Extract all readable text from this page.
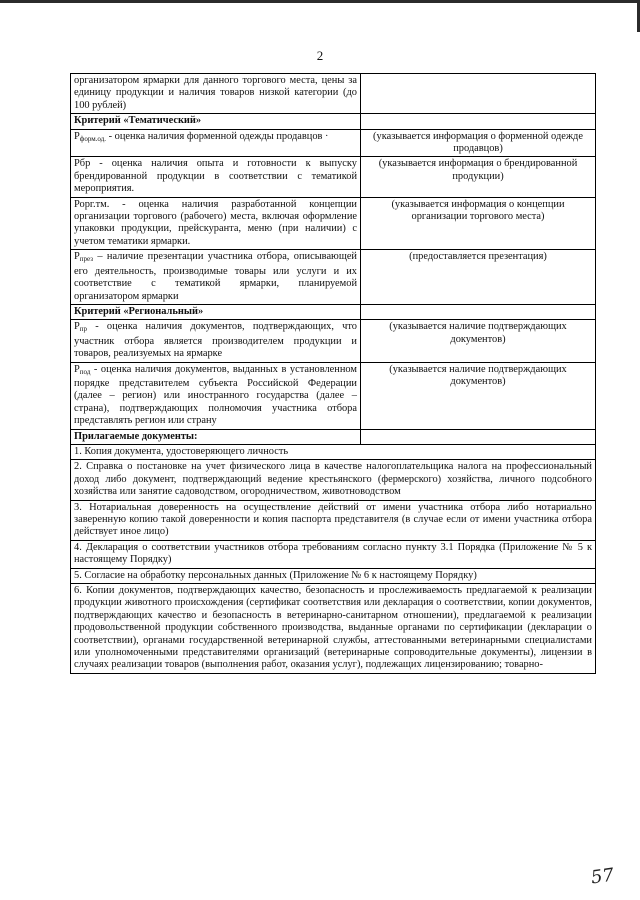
2
организатором ярмарки для данного торгового места, цены за единицу продукции и наличия товаров низкой категории (до 100 рублей)	
Критерий «Тематический»	
$P_{форм.од.}$ - оценка наличия форменной одежды продавцов ·	(указывается информация о форменной одежде продавцов)
Рбр - оценка наличия опыта и готовности к выпуску брендированной продукции в соответствии с тематикой мероприятия.	(указывается информация о брендированной продукции)
Рорг.тм. - оценка наличия разработанной концепции организации торгового (рабочего) места, включая оформление упаковки продукции, прейскуранта, меню (при наличии) с учетом тематики ярмарки.	(указывается информация о концепции организации торгового места)
$P_{през}$ – наличие презентации участника отбора, описывающей его деятельность, производимые товары или услуги и их соответствие с тематикой ярмарки, планируемой организатором ярмарки	(предоставляется презентация)
Критерий «Региональный»	
$P_{пр}$ - оценка наличия документов, подтверждающих, что участник отбора является производителем продукции и товаров, реализуемых на ярмарке	(указывается наличие подтверждающих документов)
$P_{под}$ - оценка наличия документов, выданных в установленном порядке представителем субъекта Российской Федерации (далее – регион) или иностранного государства (далее – страна), подтверждающих полномочия участника отбора представлять регион или страну	(указывается наличие подтверждающих документов)
Прилагаемые документы:	
1. Копия документа, удостоверяющего личность	
2. Справка о постановке на учет физического лица в качестве налогоплательщика налога на профессиональный доход либо документ, подтверждающий ведение крестьянского (фермерского) хозяйства, личного подсобного хозяйства или занятие садоводством, огородничеством, животноводством	
3. Нотариальная доверенность на осуществление действий от имени участника отбора либо нотариально заверенную копию такой доверенности и копия паспорта представителя (в случае если от имени участника отбора действует иное лицо)	
4. Декларация о соответствии участников отбора требованиям согласно пункту 3.1 Порядка (Приложение № 5 к настоящему Порядку)	
5. Согласие на обработку персональных данных (Приложение № 6 к настоящему Порядку)	
6. Копии документов, подтверждающих качество, безопасность и прослеживаемость предлагаемой к реализации продукции животного происхождения (сертификат соответствия или декларация о соответствии, копии документов, подтверждающих качество и безопасность в ветеринарно-санитарном отношении), предлагаемой к реализации продовольственной продукции собственного производства, выданные органами по сертификации (декларации о соответствии), органами государственной ветеринарной службы, аттестованными ветеринарными специалистами или уполномоченными представителями организаций (ветеринарные сопроводительные документы), лицензии в случаях реализации товаров (выполнения работ, оказания услуг), подлежащих лицензированию; товарно-	
57
